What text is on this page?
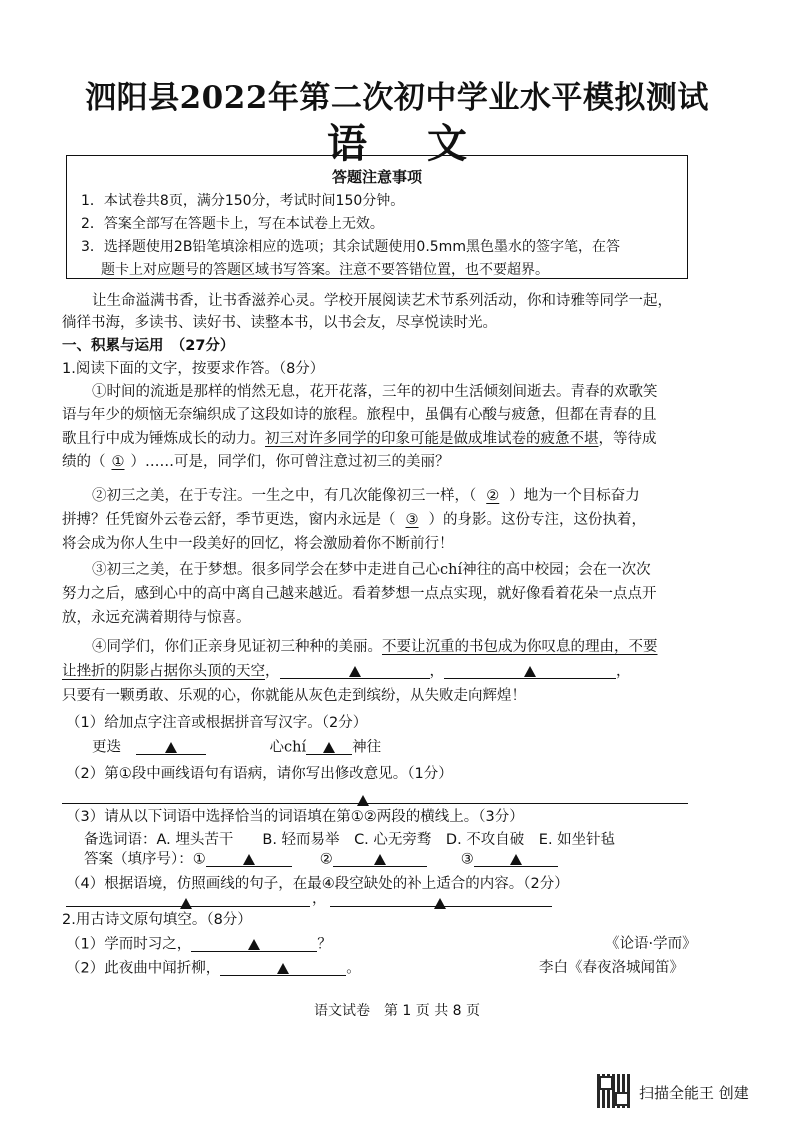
泗阳县2022年第二次初中学业水平模拟测试
语文
答题注意事项
1．本试卷共8页，满分150分，考试时间150分钟。
2．答案全部写在答题卡上，写在本试卷上无效。
3．选择题使用2B铅笔填涂相应的选项；其余试题使用0.5mm黑色墨水的签字笔，在答
题卡上对应题号的答题区域书写答案。注意不要答错位置，也不要超界。
让生命溢满书香，让书香滋养心灵。学校开展阅读艺术节系列活动，你和诗雅等同学一起，
徜徉书海，多读书、读好书、读整本书，以书会友，尽享悦读时光。
一、积累与运用　（27分）
1.阅读下面的文字，按要求作答。（8分）
①时间的流逝是那样的悄然无息，花开花落，三年的初中生活倾刻间逝去。青春的欢歌笑
语与年少的烦恼无奈编织成了这段如诗的旅程。旅程中，虽偶有心酸与疲惫，但都在青春的且
歌且行中成为锤炼成长的动力。初三对许多同学的印象可能是做成堆试卷的疲惫不堪，等待成
绩的（ ① ）……可是，同学们，你可曾注意过初三的美丽？
②初三之美，在于专注。一生之中，有几次能像初三一样，（ ② ）地为一个目标奋力
拼搏？任凭窗外云卷云舒，季节更迭，窗内永远是（ ③ ）的身影。这份专注，这份执着，
将会成为你人生中一段美好的回忆，将会激励着你不断前行！
③初三之美，在于梦想。很多同学会在梦中走进自己心chí神往的高中校园；会在一次次
努力之后，感到心中的高中离自己越来越近。看着梦想一点点实现，就好像看着花朵一点点开
放，永远充满着期待与惊喜。
④同学们，你们正亲身见证初三种种的美丽。不要让沉重的书包成为你叹息的理由，不要
让挫折的阴影占据你头顶的天空，	，	，
只要有一颗勇敢、乐观的心，你就能从灰色走到缤纷，从失败走向辉煌！
（1）给加点字注音或根据拼音写汉字。（2分）
更迭　	心chí	神往
（2）第①段中画线语句有语病，请你写出修改意见。（1分）
（3）请从以下词语中选择恰当的词语填在第①②两段的横线上。（3分）
备选词语：A. 埋头苦干　　 B. 轻而易举　 C. 心无旁骛　 D. 不攻自破　 E. 如坐针毡
答案（填序号）：①	②	③
（4）根据语境，仿照画线的句子，在最④段空缺处的补上适合的内容。（2分）
，
2.用古诗文原句填空。（8分）
（1）学而时习之，	？	《论语·学而》
（2）此夜曲中闻折柳，	。	李白《春夜洛城闻笛》
语文试卷　第 1 页 共 8 页
扫描全能王 创建
